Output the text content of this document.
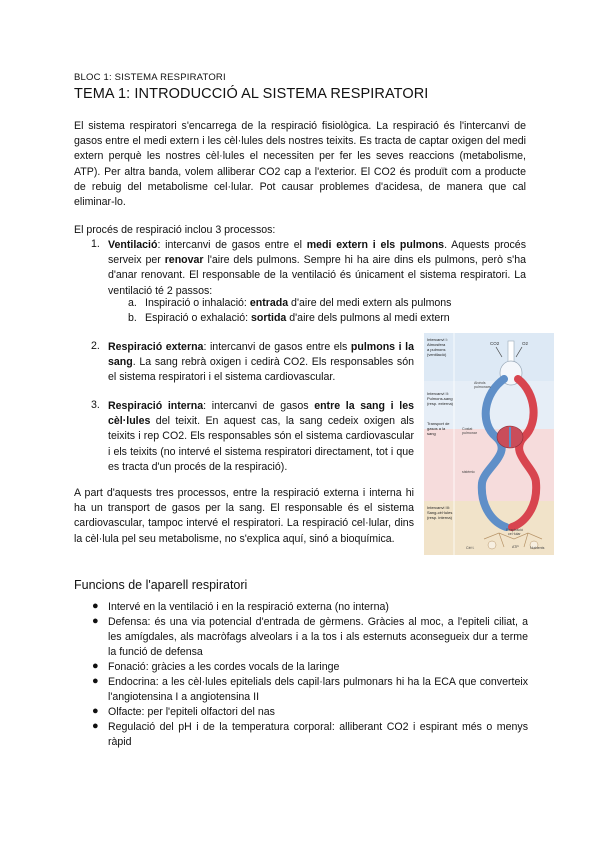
BLOC 1: SISTEMA RESPIRATORI
TEMA 1: INTRODUCCIÓ AL SISTEMA RESPIRATORI
El sistema respiratori s'encarrega de la respiració fisiològica. La respiració és l'intercanvi de gasos entre el medi extern i les cèl·lules dels nostres teixits. Es tracta de captar oxigen del medi extern perquè les nostres cèl·lules el necessiten per fer les seves reaccions (metabolisme, ATP). Per altra banda, volem alliberar CO2 cap a l'exterior. El CO2 és produït com a producte de rebuig del metabolisme cel·lular. Pot causar problemes d'acidesa, de manera que cal eliminar-lo.
El procés de respiració inclou 3 processos:
1. Ventilació: intercanvi de gasos entre el medi extern i els pulmons. Aquests procés serveix per renovar l'aire dels pulmons. Sempre hi ha aire dins els pulmons, però s'ha d'anar renovant. El responsable de la ventilació és únicament el sistema respiratori. La ventilació té 2 passos:
a. Inspiració o inhalació: entrada d'aire del medi extern als pulmons
b. Espiració o exhalació: sortida d'aire dels pulmons al medi extern
2. Respiració externa: intercanvi de gasos entre els pulmons i la sang. La sang rebrà oxigen i cedirà CO2. Els responsables són el sistema respiratori i el sistema cardiovascular.
3. Respiració interna: intercanvi de gasos entre la sang i les cèl·lules del teixit. En aquest cas, la sang cedeix oxigen als teixits i rep CO2. Els responsables són el sistema cardiovascular i els teixits (no intervé el sistema respiratori directament, tot i que es tracta d'un procés de la respiració).
A part d'aquests tres processos, entre la respiració externa i interna hi ha un transport de gasos per la sang. El responsable és el sistema cardiovascular, tampoc intervé el respiratori. La respiració cel·lular, dins la cèl·lula pel seu metabolisme, no s'explica aquí, sinó a bioquímica.
CO2	O2
Intercanvi I:
Atmosfera
a pulmons
(ventilació)
Intercanvi II:
Pulmons-sang
(resp. externa)
Transport de
gasos a la
sang
Intercanvi III:
Sang-cèl·lules
(resp. interna)
Alvèols
pulmonars
Costat
pulmonar
sistèmic
Respiració
cel·lular
Cèl·l.	Nutrients
ATP
Funcions de l'aparell respiratori
● Intervé en la ventilació i en la respiració externa (no interna)
● Defensa: és una via potencial d'entrada de gèrmens. Gràcies al moc, a l'epiteli ciliat, a les amígdales, als macròfags alveolars i a la tos i als esternuts aconsegueix dur a terme la funció de defensa
● Fonació: gràcies a les cordes vocals de la laringe
● Endocrina: a les cèl·lules epitelials dels capil·lars pulmonars hi ha la ECA que converteix l'angiotensina I a angiotensina II
● Olfacte: per l'epiteli olfactori del nas
● Regulació del pH i de la temperatura corporal: alliberant CO2 i espirant més o menys ràpid
